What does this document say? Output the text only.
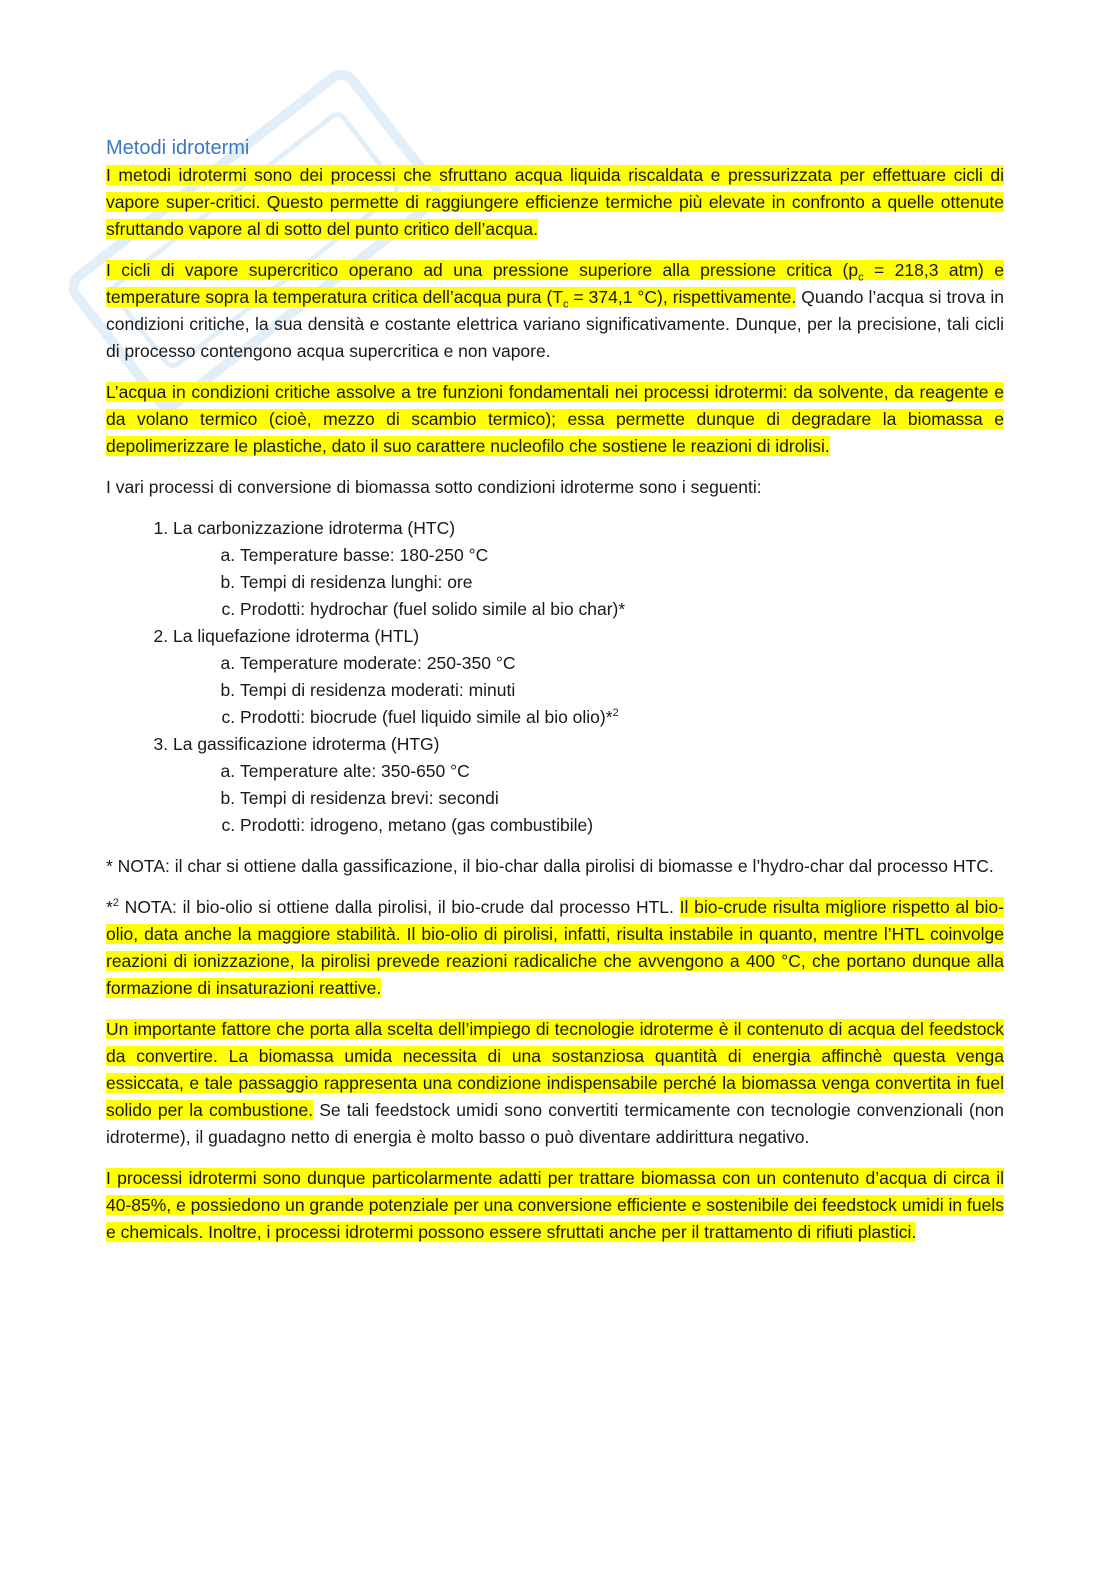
Metodi idrotermi

I metodi idrotermi sono dei processi che sfruttano acqua liquida riscaldata e pressurizzata per effettuare cicli di vapore super-critici. Questo permette di raggiungere efficienze termiche più elevate in confronto a quelle ottenute sfruttando vapore al di sotto del punto critico dell’acqua.

I cicli di vapore supercritico operano ad una pressione superiore alla pressione critica ($p_c = 218,3$ atm) e temperature sopra la temperatura critica dell’acqua pura ($T_c = 374,1$ °C), rispettivamente. Quando l’acqua si trova in condizioni critiche, la sua densità e costante elettrica variano significativamente. Dunque, per la precisione, tali cicli di processo contengono acqua supercritica e non vapore.

L’acqua in condizioni critiche assolve a tre funzioni fondamentali nei processi idrotermi: da solvente, da reagente e da volano termico (cioè, mezzo di scambio termico); essa permette dunque di degradare la biomassa e depolimerizzare le plastiche, dato il suo carattere nucleofilo che sostiene le reazioni di idrolisi.

I vari processi di conversione di biomassa sotto condizioni idroterme sono i seguenti:

1. La carbonizzazione idroterma (HTC)
a. Temperature basse: 180-250 °C
b. Tempi di residenza lunghi: ore
c. Prodotti: hydrochar (fuel solido simile al bio char)*
2. La liquefazione idroterma (HTL)
a. Temperature moderate: 250-350 °C
b. Tempi di residenza moderati: minuti
c. Prodotti: biocrude (fuel liquido simile al bio olio)*$^2$
3. La gassificazione idroterma (HTG)
a. Temperature alte: 350-650 °C
b. Tempi di residenza brevi: secondi
c. Prodotti: idrogeno, metano (gas combustibile)

* NOTA: il char si ottiene dalla gassificazione, il bio-char dalla pirolisi di biomasse e l’hydro-char dal processo HTC.

*$^2$ NOTA: il bio-olio si ottiene dalla pirolisi, il bio-crude dal processo HTL. Il bio-crude risulta migliore rispetto al bio-olio, data anche la maggiore stabilità. Il bio-olio di pirolisi, infatti, risulta instabile in quanto, mentre l’HTL coinvolge reazioni di ionizzazione, la pirolisi prevede reazioni radicaliche che avvengono a 400 °C, che portano dunque alla formazione di insaturazioni reattive.

Un importante fattore che porta alla scelta dell’impiego di tecnologie idroterme è il contenuto di acqua del feedstock da convertire. La biomassa umida necessita di una sostanziosa quantità di energia affinchè questa venga essiccata, e tale passaggio rappresenta una condizione indispensabile perché la biomassa venga convertita in fuel solido per la combustione. Se tali feedstock umidi sono convertiti termicamente con tecnologie convenzionali (non idroterme), il guadagno netto di energia è molto basso o può diventare addirittura negativo.

I processi idrotermi sono dunque particolarmente adatti per trattare biomassa con un contenuto d’acqua di circa il 40-85%, e possiedono un grande potenziale per una conversione efficiente e sostenibile dei feedstock umidi in fuels e chemicals. Inoltre, i processi idrotermi possono essere sfruttati anche per il trattamento di rifiuti plastici.
